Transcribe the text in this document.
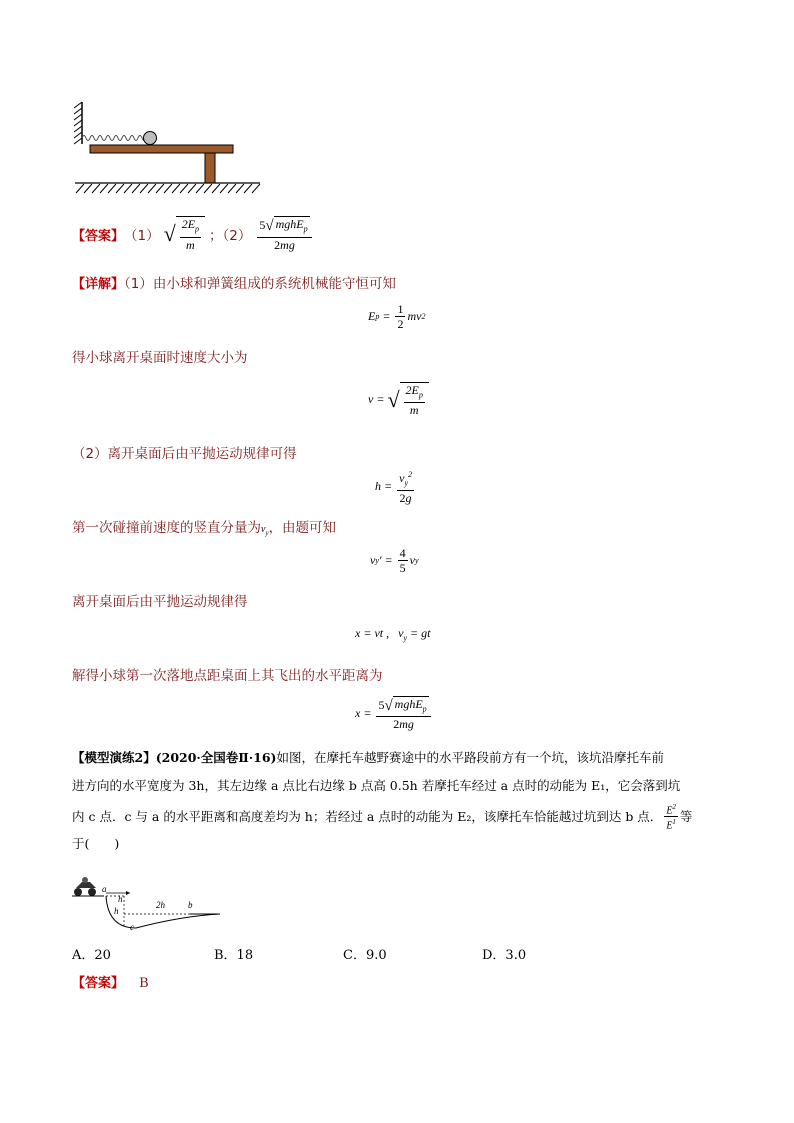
【答案】 （1） √ $\frac{2E_p}{m}$ ；$(2) \frac{5 √ mghE_p}{2mg}$
【详解】（1）由小球和弹簧组成的系统机械能守恒可知
E $p = \frac{1}{2}$ mv 2
得小球离开桌面时速度大小为
v = √ $\frac{2E_p}{m}$
（2）离开桌面后由平抛运动规律可得
$h = \frac{v_y^2}{2g}$
第一次碰撞前速度的竖直分量为$v_y$，由题可知
v y ′ = $\frac{4}{5}$ v y
离开桌面后由平抛运动规律得
x = vt ,   $v_y$ = gt
解得小球第一次落地点距桌面上其飞出的水平距离为
$x = \frac{5 √ mghE_p}{2mg}$
【模型演练2】(2020·全国卷Ⅱ·16)如图，在摩托车越野赛途中的水平路段前方有一个坑，该坑沿摩托车前
进方向的水平宽度为 3h，其左边缘 a 点比右边缘 b 点高 0.5h 若摩托车经过 a 点时的动能为 E₁，它会落到坑
内 c 点．c 与 a 的水平距离和高度差均为 h；若经过 a 点时的动能为 E₂，该摩托车恰能越过坑到达 b 点． $\frac{E^2}{E^1}$ 等
于(　　)
a
h
2h	b
h
c
A．20	B．18	C．9.0	D．3.0
【答案】 B
